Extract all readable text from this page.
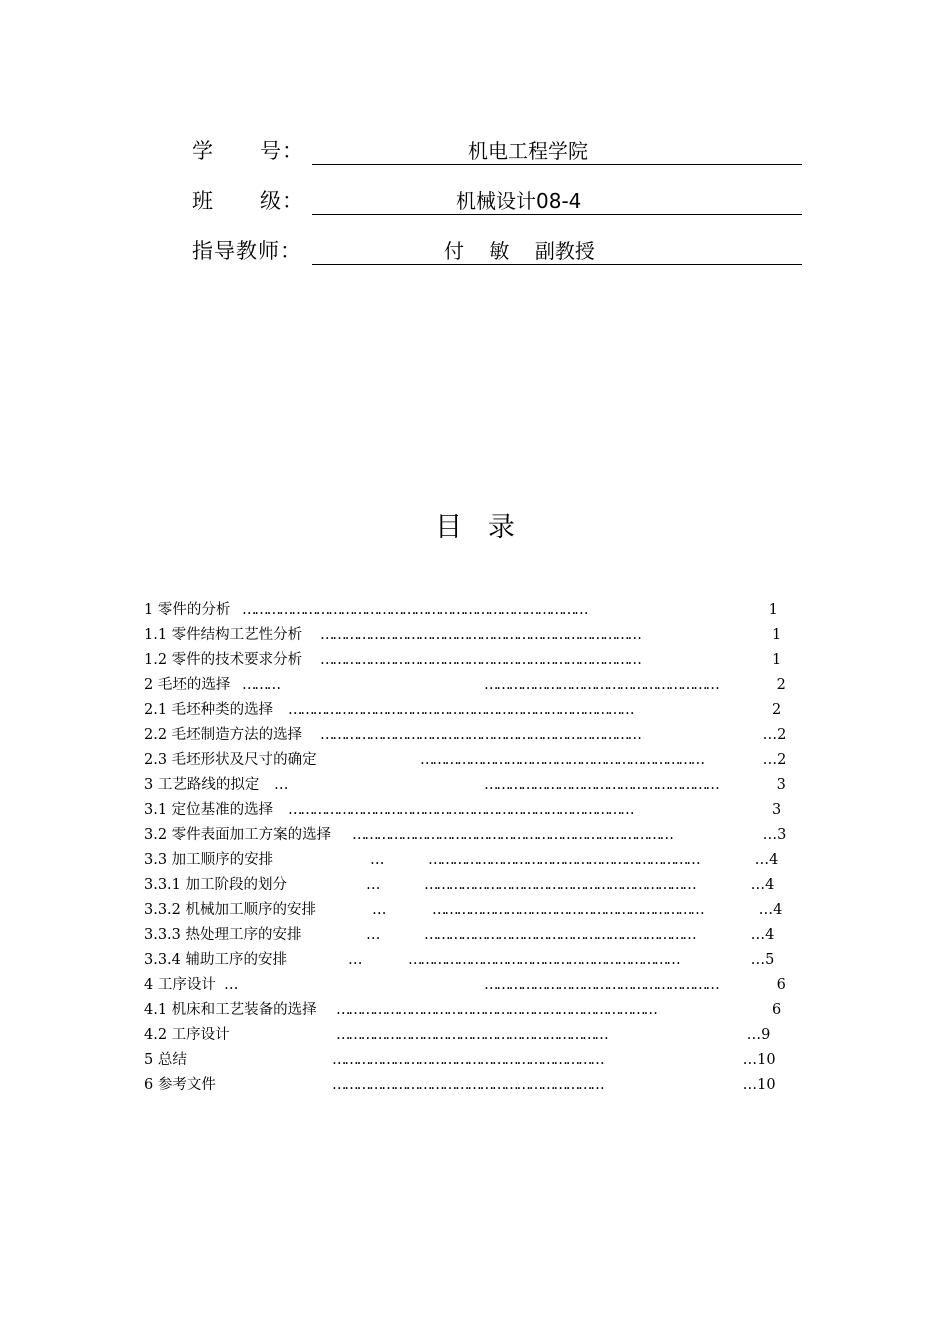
学      号：	机电工程学院
班      级：	机械设计08-4
指导教师：	付    敏    副教授
目   录
1 零件的分析 …………………………………………………………………………	1
1.1 零件结构工艺性分析 ……………………………………………………………………	1
1.2 零件的技术要求分析 ……………………………………………………………………	1
2 毛坯的选择 ………	…………………………………………………	2
2.1 毛坯种类的选择 …………………………………………………………………………	2
2.2 毛坯制造方法的选择 ……………………………………………………………………	…2
2.3 毛坯形状及尺寸的确定	……………………………………………………………	…2
3 工艺路线的拟定 …	…………………………………………………	3
3.1 定位基准的选择 …………………………………………………………………………	3
3.2 零件表面加工方案的选择 ……………………………………………………………………	…3
3.3 加工顺序的安排	…	…………………………………………………………	…4
3.3.1 加工阶段的划分	…	…………………………………………………………	…4
3.3.2 机械加工顺序的安排	…	…………………………………………………………	…4
3.3.3 热处理工序的安排	…	…………………………………………………………	…4
3.3.4 辅助工序的安排	…	…………………………………………………………	…5
4 工序设计 …	…………………………………………………	6
4.1 机床和工艺装备的选择 ……………………………………………………………………	6
4.2 工序设计	…………………………………………………………	…9
5 总结	…………………………………………………………	…10
6 参考文件	…………………………………………………………	…10
